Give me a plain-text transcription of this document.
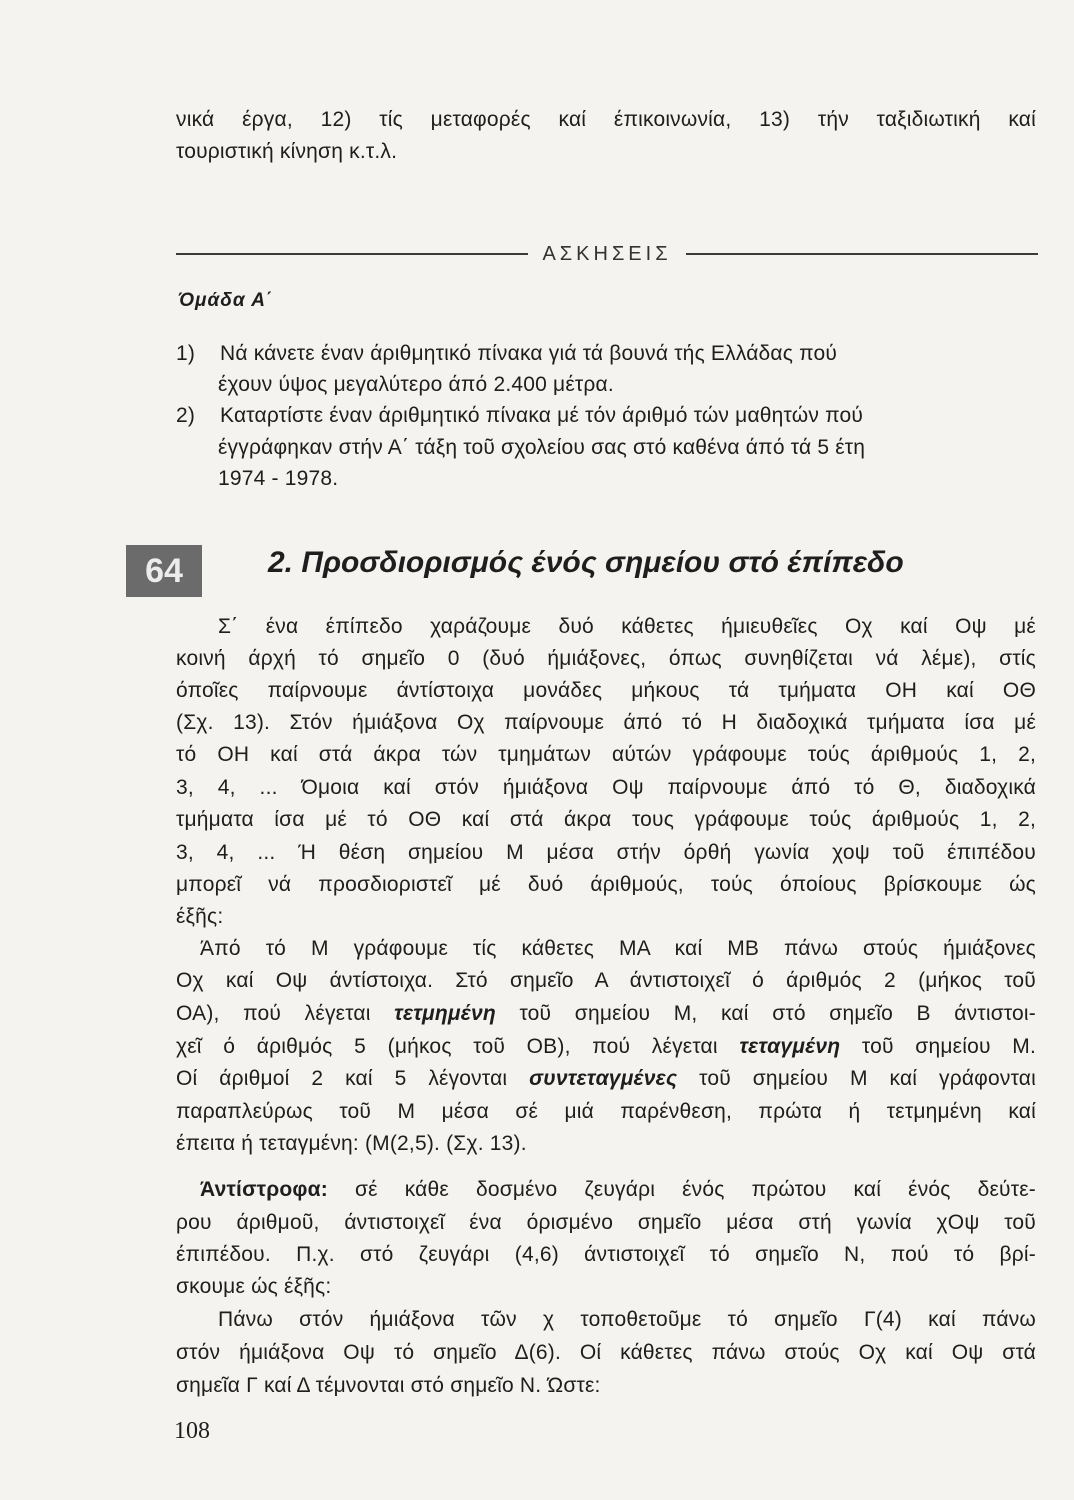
νικά έργα, 12) τίς μεταφορές καί έπικοινωνία, 13) τήν ταξιδιωτική καί
τουριστική κίνηση κ.τ.λ.
ΑΣΚΗΣΕΙΣ
Όμάδα Α΄
1) Νά κάνετε έναν άριθμητικό πίνακα γιά τά βουνά τής Ελλάδας πού
έχουν ύψος μεγαλύτερο άπό 2.400 μέτρα.
2) Καταρτίστε έναν άριθμητικό πίνακα μέ τόν άριθμό τών μαθητών πού
έγγράφηκαν στήν Α΄ τάξη τοῦ σχολείου σας στό καθένα άπό τά 5 έτη
1974 - 1978.
64	2. Προσδιορισμός ένός σημείου στό έπίπεδο
Σ΄ ένα έπίπεδο χαράζουμε δυό κάθετες ήμιευθεῖες Οχ καί Οψ μέ
κοινή άρχή τό σημεῖο 0 (δυό ήμιάξονες, όπως συνηθίζεται νά λέμε), στίς
όποῖες παίρνουμε άντίστοιχα μονάδες μήκους τά τμήματα ΟΗ καί ΟΘ
(Σχ. 13). Στόν ήμιάξονα Οχ παίρνουμε άπό τό Η διαδοχικά τμήματα ίσα μέ
τό ΟΗ καί στά άκρα τών τμημάτων αύτών γράφουμε τούς άριθμούς 1, 2,
3, 4, ... Όμοια καί στόν ήμιάξονα Οψ παίρνουμε άπό τό Θ, διαδοχικά
τμήματα ίσα μέ τό ΟΘ καί στά άκρα τους γράφουμε τούς άριθμούς 1, 2,
3, 4, ... Ή θέση σημείου Μ μέσα στήν όρθή γωνία χοψ τοῦ έπιπέδου
μπορεῖ νά προσδιοριστεῖ μέ δυό άριθμούς, τούς όποίους βρίσκουμε ώς
έξῆς:
Άπό τό Μ γράφουμε τίς κάθετες ΜΑ καί ΜΒ πάνω στούς ήμιάξονες
Οχ καί Οψ άντίστοιχα. Στό σημεῖο Α άντιστοιχεῖ ό άριθμός 2 (μήκος τοῦ
ΟΑ), πού λέγεται τετμημένη τοῦ σημείου Μ, καί στό σημεῖο Β άντιστοι-
χεῖ ό άριθμός 5 (μήκος τοῦ ΟΒ), πού λέγεται τεταγμένη τοῦ σημείου Μ.
Οί άριθμοί 2 καί 5 λέγονται συντεταγμένες τοῦ σημείου Μ καί γράφονται
παραπλεύρως τοῦ Μ μέσα σέ μιά παρένθεση, πρώτα ή τετμημένη καί
έπειτα ή τεταγμένη: (Μ(2,5). (Σχ. 13).
Άντίστροφα: σέ κάθε δοσμένο ζευγάρι ένός πρώτου καί ένός δεύτε-
ρου άριθμοῦ, άντιστοιχεῖ ένα όρισμένο σημεῖο μέσα στή γωνία χΟψ τοῦ
έπιπέδου. Π.χ. στό ζευγάρι (4,6) άντιστοιχεῖ τό σημεῖο Ν, πού τό βρί-
σκουμε ώς έξῆς:
Πάνω στόν ήμιάξονα τῶν χ τοποθετοῦμε τό σημεῖο Γ(4) καί πάνω
στόν ήμιάξονα Οψ τό σημεῖο Δ(6). Οί κάθετες πάνω στούς Οχ καί Οψ στά
σημεῖα Γ καί Δ τέμνονται στό σημεῖο Ν. Ώστε:
108
